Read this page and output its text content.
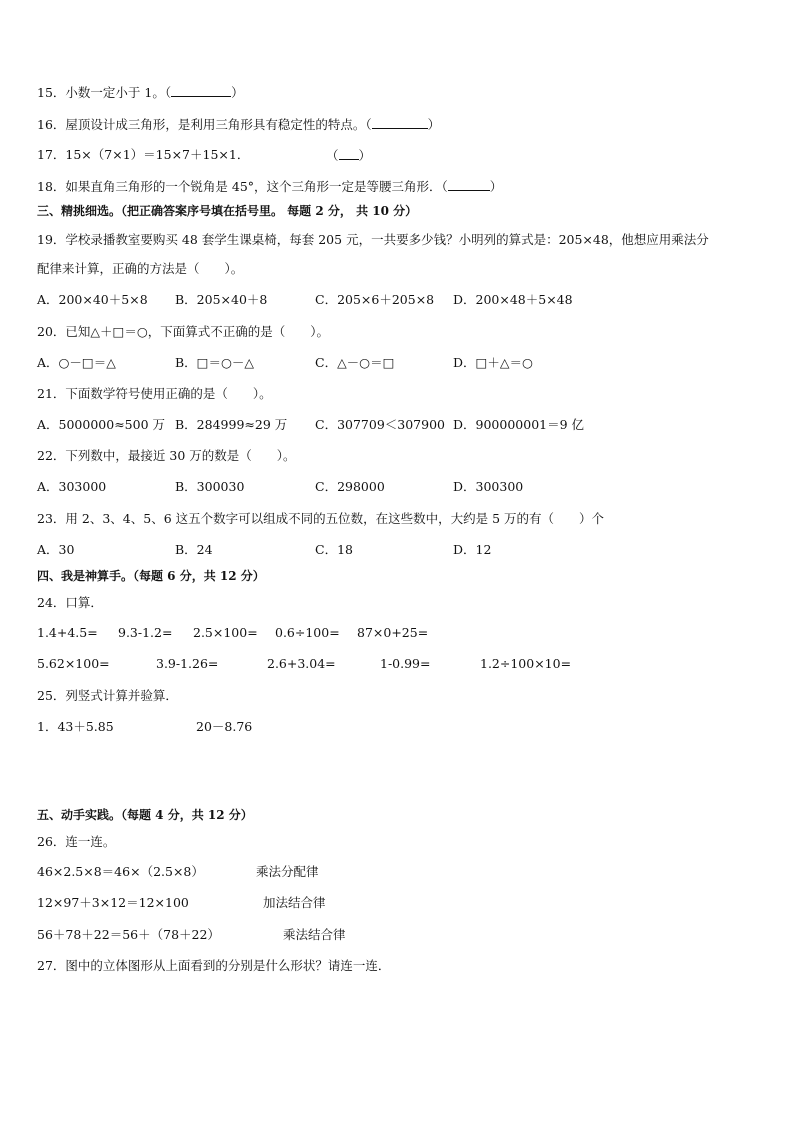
15．小数一定小于 1。（	）
16．屋顶设计成三角形，是利用三角形具有稳定性的特点。（	）
17．15×（7×1）＝15×7＋15×1．	（ ）
18．如果直角三角形的一个锐角是 45°，这个三角形一定是等腰三角形．（	）
三、精挑细选。（把正确答案序号填在括号里。 每题 2 分， 共 10 分）
19．学校录播教室要购买 48 套学生课桌椅，每套 205 元，一共要多少钱？小明列的算式是：205×48，他想应用乘法分
配律来计算，正确的方法是（　　）。
A．200×40＋5×8 B．205×40＋8	C．205×6＋205×8 D．200×48＋5×48
20．已知△＋□＝○，下面算式不正确的是（　　）。
A．○－□＝△	B．□＝○－△	C．△－○＝□	D．□＋△＝○
21．下面数学符号使用正确的是（　　）。
A．5000000≈500 万 B．284999≈29 万 C．307709＜307900 D．900000001＝9 亿
22．下列数中，最接近 30 万的数是（　　）。
A．303000	B．300030	C．298000	D．300300
23．用 2、3、4、5、6 这五个数字可以组成不同的五位数，在这些数中，大约是 5 万的有（　　）个
A．30	B．24	C．18	D．12
四、我是神算手。（每题 6 分，共 12 分）
24．口算．
1.4+4.5= 9.3-1.2= 2.5×100= 0.6÷100= 87×0+25=
5.62×100=	3.9-1.26=	2.6+3.04=	1-0.99=	1.2÷100×10=
25．列竖式计算并验算．
1．43＋5.85	20－8.76
五、动手实践。（每题 4 分，共 12 分）
26．连一连。
46×2.5×8＝46×（2.5×8）	乘法分配律
12×97＋3×12＝12×100	加法结合律
56＋78＋22＝56＋（78＋22）	乘法结合律
27．图中的立体图形从上面看到的分别是什么形状？请连一连．
